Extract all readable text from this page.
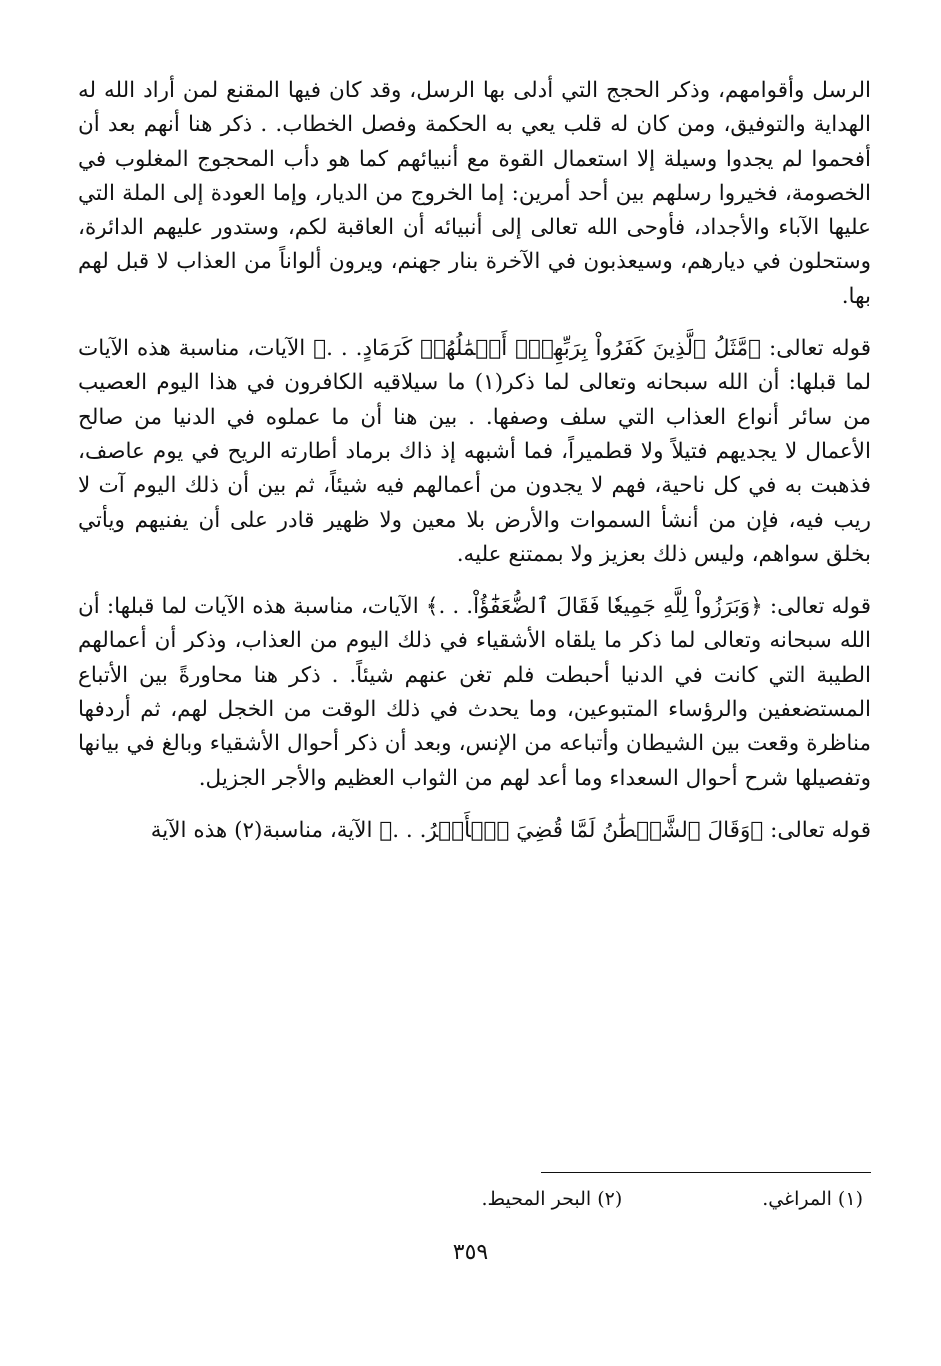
الرسل وأقوامهم، وذكر الحجج التي أدلى بها الرسل، وقد كان فيها المقنع لمن أراد الله له الهداية والتوفيق، ومن كان له قلب يعي به الحكمة وفصل الخطاب. . ذكر هنا أنهم بعد أن أفحموا لم يجدوا وسيلة إلا استعمال القوة مع أنبيائهم كما هو دأب المحجوج المغلوب في الخصومة، فخيروا رسلهم بين أحد أمرين: إما الخروج من الديار، وإما العودة إلى الملة التي عليها الآباء والأجداد، فأوحى الله تعالى إلى أنبيائه أن العاقبة لكم، وستدور عليهم الدائرة، وستحلون في ديارهم، وسيعذبون في الآخرة بنار جهنم، ويرون ألواناً من العذاب لا قبل لهم بها.

قوله تعالى: ﴿مَّثَلُ ٱلَّذِينَ كَفَرُواْ بِرَبِّهِمْۖ أَعۡمَٰلُهُمۡ كَرَمَادٍ. . .﴾ الآيات، مناسبة هذه الآيات لما قبلها: أن الله سبحانه وتعالى لما ذكر(١) ما سيلاقيه الكافرون في هذا اليوم العصيب من سائر أنواع العذاب التي سلف وصفها. . بين هنا أن ما عملوه في الدنيا من صالح الأعمال لا يجديهم فتيلاً ولا قطميراً، فما أشبهه إذ ذاك برماد أطارته الريح في يوم عاصف، فذهبت به في كل ناحية، فهم لا يجدون من أعمالهم فيه شيئاً، ثم بين أن ذلك اليوم آت لا ريب فيه، فإن من أنشأ السموات والأرض بلا معين ولا ظهير قادر على أن يفنيهم ويأتي بخلق سواهم، وليس ذلك بعزيز ولا بممتنع عليه.

قوله تعالى: ﴿وَبَرَزُواْ لِلَّهِ جَمِيعٗا فَقَالَ ٱلضُّعَفَٰٓؤُاْ. . .﴾ الآيات، مناسبة هذه الآيات لما قبلها: أن الله سبحانه وتعالى لما ذكر ما يلقاه الأشقياء في ذلك اليوم من العذاب، وذكر أن أعمالهم الطيبة التي كانت في الدنيا أحبطت فلم تغن عنهم شيئاً. . ذكر هنا محاورةً بين الأتباع المستضعفين والرؤساء المتبوعين، وما يحدث في ذلك الوقت من الخجل لهم، ثم أردفها مناظرة وقعت بين الشيطان وأتباعه من الإنس، وبعد أن ذكر أحوال الأشقياء وبالغ في بيانها وتفصيلها شرح أحوال السعداء وما أعد لهم من الثواب العظيم والأجر الجزيل.

قوله تعالى: ﴿وَقَالَ ٱلشَّيۡطَٰنُ لَمَّا قُضِيَ ٱلۡأَمۡرُ. . .﴾ الآية، مناسبة(٢) هذه الآية

(١) المراغي.
(٢) البحر المحيط.
٣٥٩
